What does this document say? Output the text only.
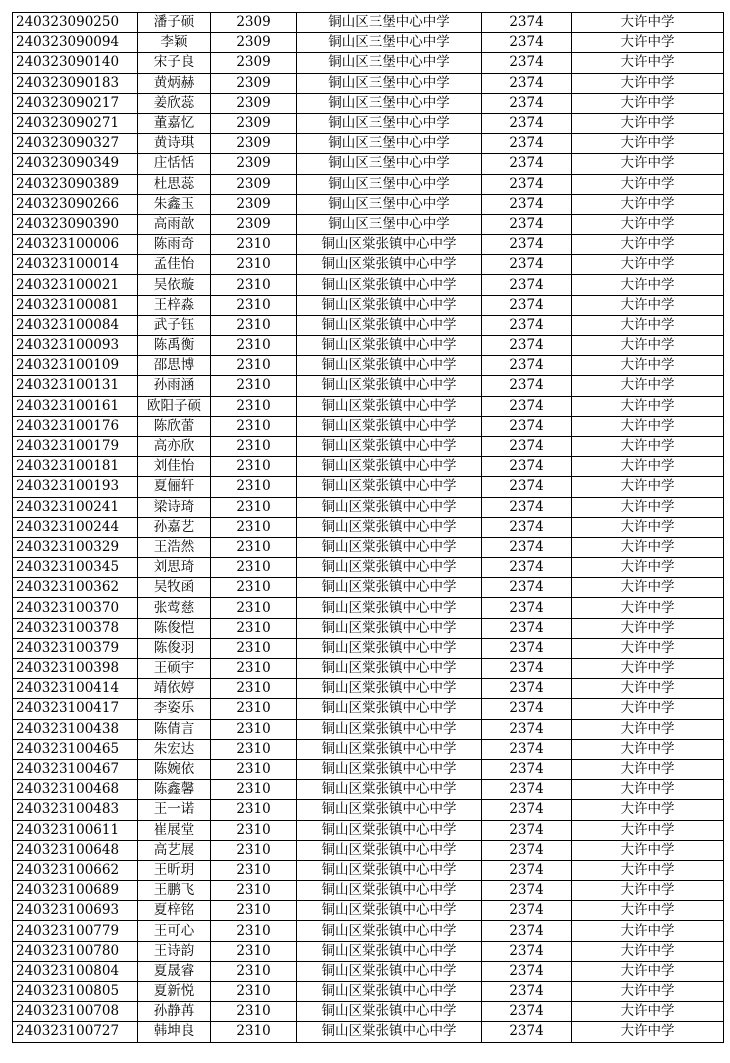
240323090250	潘子硕	2309	铜山区三堡中心中学	2374	大许中学
240323090094	李颖	2309	铜山区三堡中心中学	2374	大许中学
240323090140	宋子良	2309	铜山区三堡中心中学	2374	大许中学
240323090183	黄炳赫	2309	铜山区三堡中心中学	2374	大许中学
240323090217	姜欣蕊	2309	铜山区三堡中心中学	2374	大许中学
240323090271	董嘉忆	2309	铜山区三堡中心中学	2374	大许中学
240323090327	黄诗琪	2309	铜山区三堡中心中学	2374	大许中学
240323090349	庄恬恬	2309	铜山区三堡中心中学	2374	大许中学
240323090389	杜思蕊	2309	铜山区三堡中心中学	2374	大许中学
240323090266	朱鑫玉	2309	铜山区三堡中心中学	2374	大许中学
240323090390	高雨歆	2309	铜山区三堡中心中学	2374	大许中学
240323100006	陈雨奇	2310	铜山区棠张镇中心中学	2374	大许中学
240323100014	孟佳怡	2310	铜山区棠张镇中心中学	2374	大许中学
240323100021	吴依璇	2310	铜山区棠张镇中心中学	2374	大许中学
240323100081	王梓淼	2310	铜山区棠张镇中心中学	2374	大许中学
240323100084	武子钰	2310	铜山区棠张镇中心中学	2374	大许中学
240323100093	陈禹衡	2310	铜山区棠张镇中心中学	2374	大许中学
240323100109	邵思博	2310	铜山区棠张镇中心中学	2374	大许中学
240323100131	孙雨涵	2310	铜山区棠张镇中心中学	2374	大许中学
240323100161	欧阳子硕	2310	铜山区棠张镇中心中学	2374	大许中学
240323100176	陈欣蕾	2310	铜山区棠张镇中心中学	2374	大许中学
240323100179	高亦欣	2310	铜山区棠张镇中心中学	2374	大许中学
240323100181	刘佳怡	2310	铜山区棠张镇中心中学	2374	大许中学
240323100193	夏俪轩	2310	铜山区棠张镇中心中学	2374	大许中学
240323100241	梁诗琦	2310	铜山区棠张镇中心中学	2374	大许中学
240323100244	孙嘉艺	2310	铜山区棠张镇中心中学	2374	大许中学
240323100329	王浩然	2310	铜山区棠张镇中心中学	2374	大许中学
240323100345	刘思琦	2310	铜山区棠张镇中心中学	2374	大许中学
240323100362	吴牧函	2310	铜山区棠张镇中心中学	2374	大许中学
240323100370	张莺慈	2310	铜山区棠张镇中心中学	2374	大许中学
240323100378	陈俊恺	2310	铜山区棠张镇中心中学	2374	大许中学
240323100379	陈俊羽	2310	铜山区棠张镇中心中学	2374	大许中学
240323100398	王硕宇	2310	铜山区棠张镇中心中学	2374	大许中学
240323100414	靖依婷	2310	铜山区棠张镇中心中学	2374	大许中学
240323100417	李姿乐	2310	铜山区棠张镇中心中学	2374	大许中学
240323100438	陈倩言	2310	铜山区棠张镇中心中学	2374	大许中学
240323100465	朱宏达	2310	铜山区棠张镇中心中学	2374	大许中学
240323100467	陈婉依	2310	铜山区棠张镇中心中学	2374	大许中学
240323100468	陈鑫馨	2310	铜山区棠张镇中心中学	2374	大许中学
240323100483	王一诺	2310	铜山区棠张镇中心中学	2374	大许中学
240323100611	崔展堂	2310	铜山区棠张镇中心中学	2374	大许中学
240323100648	高艺展	2310	铜山区棠张镇中心中学	2374	大许中学
240323100662	王昕玥	2310	铜山区棠张镇中心中学	2374	大许中学
240323100689	王鹏飞	2310	铜山区棠张镇中心中学	2374	大许中学
240323100693	夏梓铭	2310	铜山区棠张镇中心中学	2374	大许中学
240323100779	王可心	2310	铜山区棠张镇中心中学	2374	大许中学
240323100780	王诗韵	2310	铜山区棠张镇中心中学	2374	大许中学
240323100804	夏晟睿	2310	铜山区棠张镇中心中学	2374	大许中学
240323100805	夏新悦	2310	铜山区棠张镇中心中学	2374	大许中学
240323100708	孙静苒	2310	铜山区棠张镇中心中学	2374	大许中学
240323100727	韩坤良	2310	铜山区棠张镇中心中学	2374	大许中学
